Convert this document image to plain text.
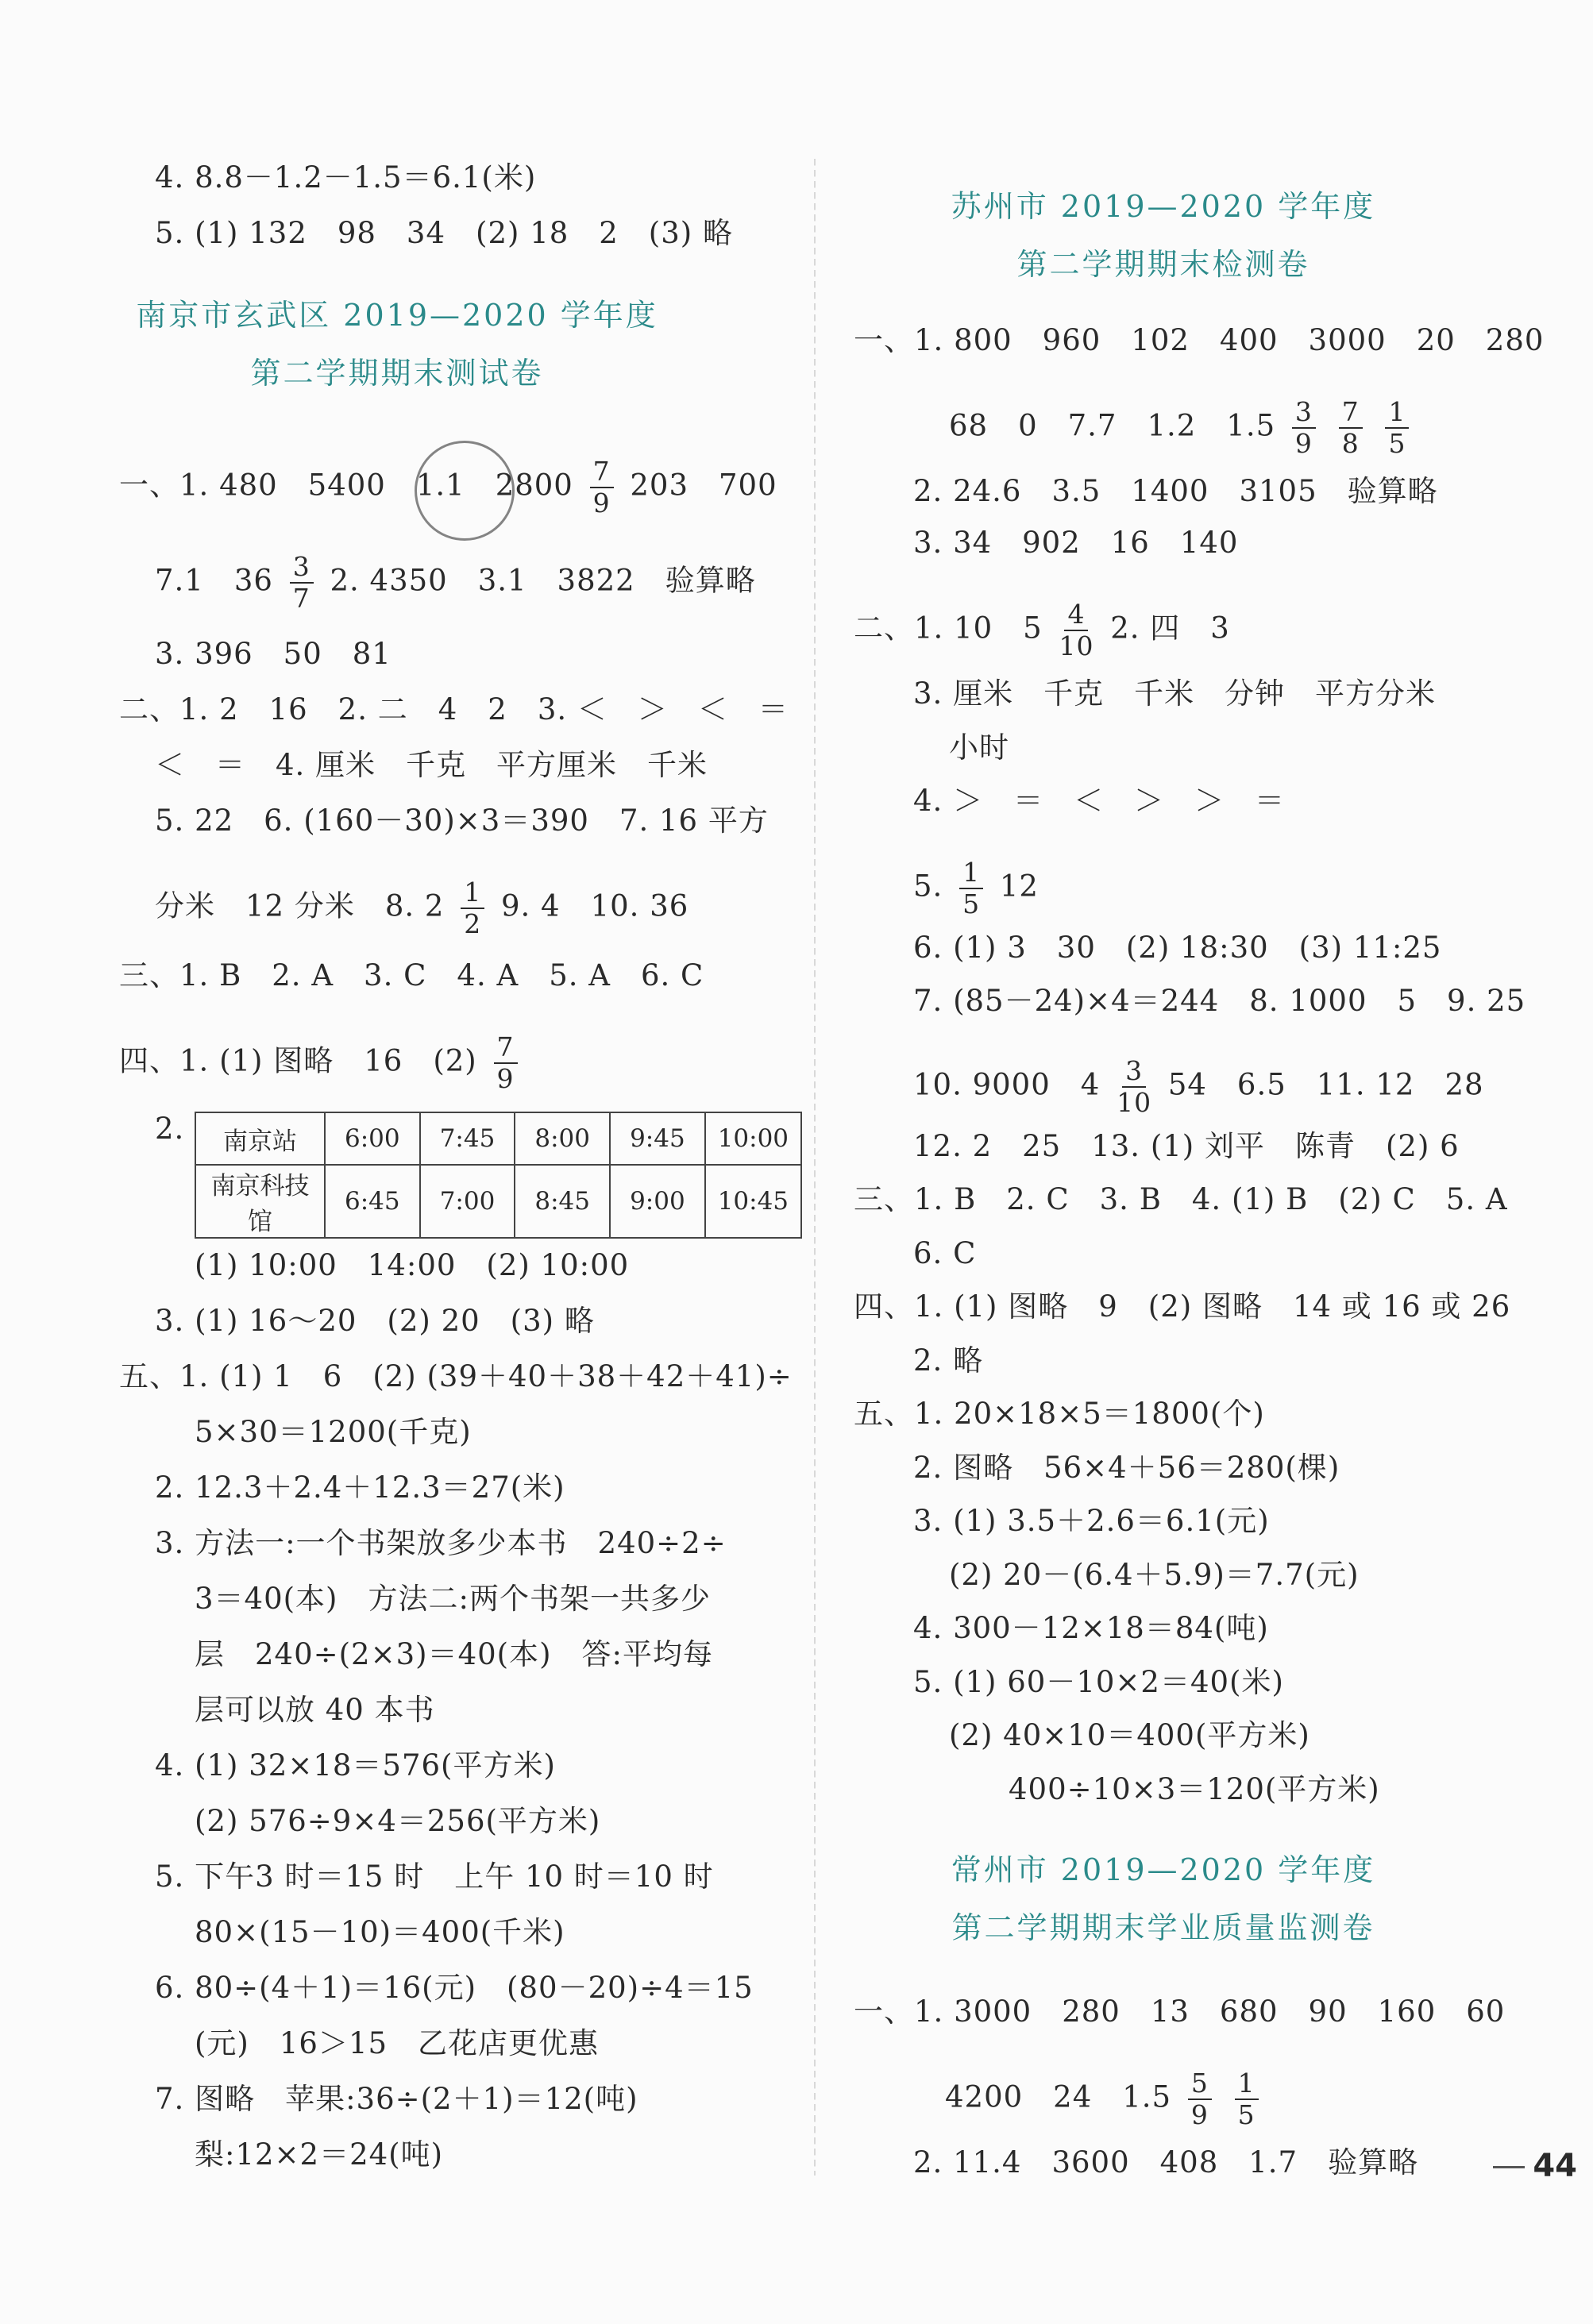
4. 8.8－1.2－1.5＝6.1(米)
5. (1) 132　98　34　(2) 18　2　(3) 略
南京市玄武区 2019—2020 学年度
第二学期期末测试卷
一、1. 480　5400　1.1　$2800 \frac{7}{9} 203$　700
7.1　$36 \frac{3}{7} 2$. 4350　3.1　3822　验算略
3. 396　50　81
二、1. 2　16　2. 二　4　2　3. ＜　＞　＜　＝
＜　＝　4. 厘米　千克　平方厘米　千米
5. 22　6. (160－30)×3＝390　7. 16 平方
分米　12 分米　8. $2 \frac{1}{2} 9$. 4　10. 36
三、1. B　2. A　3. C　4. A　5. A　6. C
四、1. (1) 图略　16　$(2) \frac{7}{9}$
2. 南京站	6:00	7:45	8:00	9:45	10:00
南京科技馆	6:45	7:00	8:45	9:00	10:45
(1) 10:00　14:00　(2) 10:00
3. (1) 16～20　(2) 20　(3) 略
五、1. (1) 1　6　(2) (39＋40＋38＋42＋41)÷
5×30＝1200(千克)
2. 12.3＋2.4＋12.3＝27(米)
3. 方法一:一个书架放多少本书　240÷2÷
3＝40(本)　方法二:两个书架一共多少
层　240÷(2×3)＝40(本)　答:平均每
层可以放 40 本书
4. (1) 32×18＝576(平方米)
(2) 576÷9×4＝256(平方米)
5. 下午3 时＝15 时　上午 10 时＝10 时
80×(15－10)＝400(千米)
6. 80÷(4＋1)＝16(元)　(80－20)÷4＝15
(元)　16＞15　乙花店更优惠
7. 图略　苹果:36÷(2＋1)＝12(吨)
梨:12×2＝24(吨)
苏州市 2019—2020 学年度
第二学期期末检测卷
一、1. 800　960　102　400　3000　20　280
68　0　7.7　1.2　$1.5 \frac{3}{9}$
$\frac{7}{8}$
$\frac{1}{5}$
2. 24.6　3.5　1400　3105　验算略
3. 34　902　16　140
二、1. 10　$5 \frac{4}{10} 2$. 四　3
3. 厘米　千克　千米　分钟　平方分米
小时
4. ＞　＝　＜　＞　＞　＝
5. $\frac{1}{5} 12$
6. (1) 3　30　(2) 18:30　(3) 11:25
7. (85－24)×4＝244　8. 1000　5　9. 25
10. 9000　$4 \frac{3}{10} 54$　6.5　11. 12　28
12. 2　25　13. (1) 刘平　陈青　(2) 6
三、1. B　2. C　3. B　4. (1) B　(2) C　5. A
6. C
四、1. (1) 图略　9　(2) 图略　14 或 16 或 26
2. 略
五、1. 20×18×5＝1800(个)
2. 图略　56×4＋56＝280(棵)
3. (1) 3.5＋2.6＝6.1(元)
(2) 20－(6.4＋5.9)＝7.7(元)
4. 300－12×18＝84(吨)
5. (1) 60－10×2＝40(米)
(2) 40×10＝400(平方米)
400÷10×3＝120(平方米)
常州市 2019—2020 学年度
第二学期期末学业质量监测卷
一、1. 3000　280　13　680　90　160　60
4200　24　$1.5 \frac{5}{9}$
$\frac{1}{5}$
2. 11.4　3600　408　1.7　验算略	44
